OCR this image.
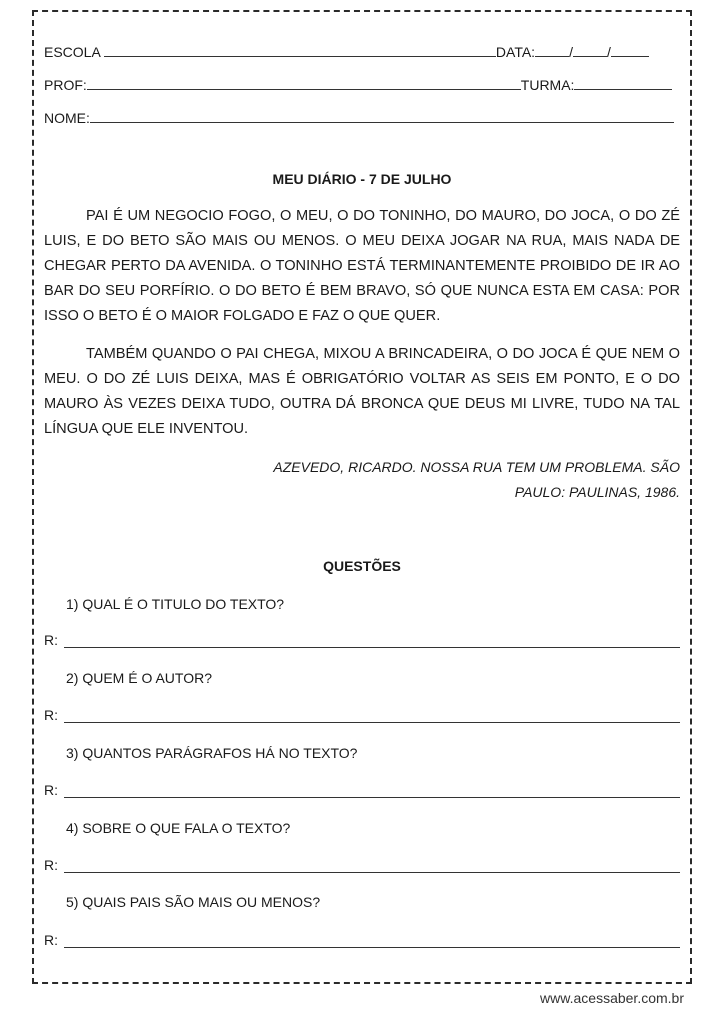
ESCOLA	DATA: / /
PROF:	TURMA:
NOME:
MEU DIÁRIO - 7 DE JULHO

PAI É UM NEGOCIO FOGO, O MEU, O DO TONINHO, DO MAURO, DO JOCA, O DO ZÉ LUIS, E DO BETO SÃO MAIS OU MENOS. O MEU DEIXA JOGAR NA RUA, MAIS NADA DE CHEGAR PERTO DA AVENIDA. O TONINHO ESTÁ TERMINANTEMENTE PROIBIDO DE IR AO BAR DO SEU PORFÍRIO. O DO BETO É BEM BRAVO, SÓ QUE NUNCA ESTA EM CASA: POR ISSO O BETO É O MAIOR FOLGADO E FAZ O QUE QUER.

TAMBÉM QUANDO O PAI CHEGA, MIXOU A BRINCADEIRA, O DO JOCA É QUE NEM O MEU. O DO ZÉ LUIS DEIXA, MAS É OBRIGATÓRIO VOLTAR AS SEIS EM PONTO, E O DO MAURO ÀS VEZES DEIXA TUDO, OUTRA DÁ BRONCA QUE DEUS MI LIVRE, TUDO NA TAL LÍNGUA QUE ELE INVENTOU.

AZEVEDO, RICARDO. NOSSA RUA TEM UM PROBLEMA. SÃO
PAULO: PAULINAS, 1986.
QUESTÕES
1) QUAL É O TITULO DO TEXTO?
R:
2) QUEM É O AUTOR?
R:
3) QUANTOS PARÁGRAFOS HÁ NO TEXTO?
R:
4) SOBRE O QUE FALA O TEXTO?
R:
5) QUAIS PAIS SÃO MAIS OU MENOS?
R:
www.acessaber.com.br
